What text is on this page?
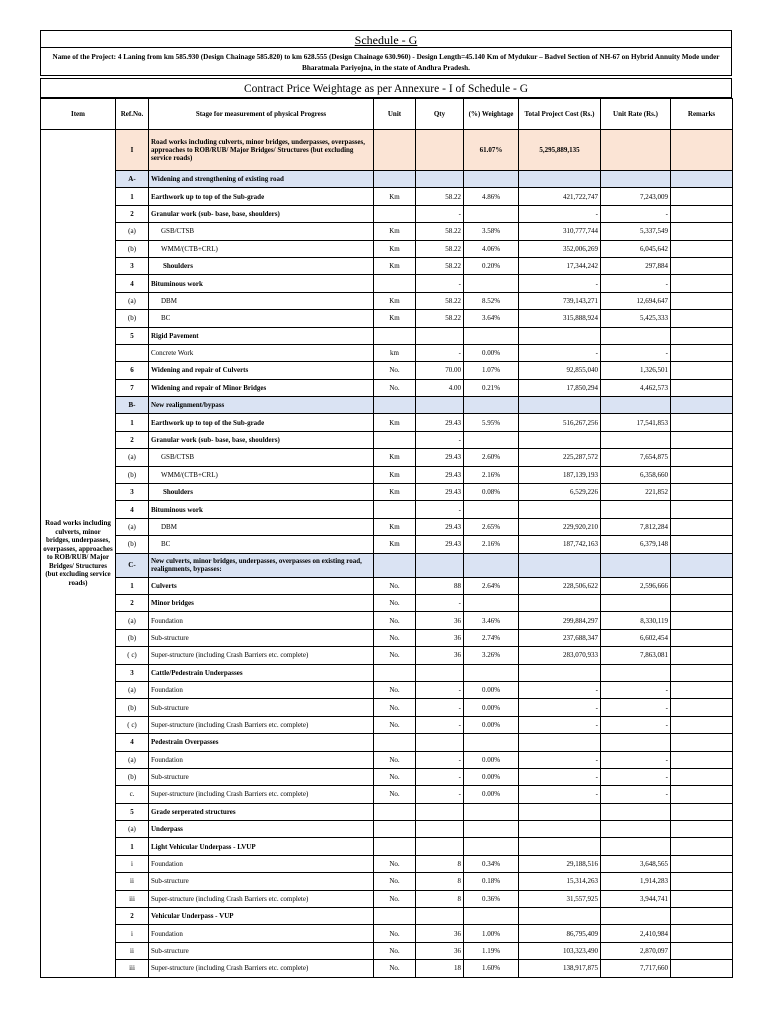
Schedule - G
Name of the Project: 4 Laning from km 585.930 (Design Chainage 585.820) to km 628.555 (Design Chainage 630.960) - Design Length=45.140 Km of Mydukur – Badvel Section of NH-67 on Hybrid Annuity Mode under Bharatmala Pariyojna, in the state of Andhra Pradesh.
Contract Price Weightage as per Annexure - I of Schedule - G
Item	Ref.No.	Stage for measurement of physical Progress	Unit	Qty	(%) Weightage	Total Project Cost (Rs.)	Unit Rate (Rs.)	Remarks
Road works including culverts, minor bridges, underpasses, overpasses, approaches to ROB/RUB/ Major Bridges/ Structures (but excluding service roads)	I	Road works including culverts, minor bridges, underpasses, overpasses, approaches to ROB/RUB/ Major Bridges/ Structures (but excluding service roads)			61.07%	5,295,889,135		
	A-	Widening and strengthening of existing road						
	1	Earthwork up to top of the Sub-grade	Km	58.22	4.86%	421,722,747	7,243,009	
	2	Granular work (sub- base, base, shoulders)		-		-	-	
	(a)	GSB/CTSB	Km	58.22	3.58%	310,777,744	5,337,549	
	(b)	WMM/(CTB+CRL)	Km	58.22	4.06%	352,006,269	6,045,642	
	3	Shoulders	Km	58.22	0.20%	17,344,242	297,884	
	4	Bituminous work		-		-	-	
	(a)	DBM	Km	58.22	8.52%	739,143,271	12,694,647	
	(b)	BC	Km	58.22	3.64%	315,888,924	5,425,333	
	5	Rigid Pavement						
		Concrete Work	km	-	0.00%	-	-	
	6	Widening and repair of Culverts	No.	70.00	1.07%	92,855,040	1,326,501	
	7	Widening and repair of Minor Bridges	No.	4.00	0.21%	17,850,294	4,462,573	
	B-	New realignment/bypass						
	1	Earthwork up to top of the Sub-grade	Km	29.43	5.95%	516,267,256	17,541,853	
	2	Granular work (sub- base, base, shoulders)		-				
	(a)	GSB/CTSB	Km	29.43	2.60%	225,287,572	7,654,875	
	(b)	WMM/(CTB+CRL)	Km	29.43	2.16%	187,139,193	6,358,660	
	3	Shoulders	Km	29.43	0.08%	6,529,226	221,852	
	4	Bituminous work		-				
	(a)	DBM	Km	29.43	2.65%	229,920,210	7,812,284	
	(b)	BC	Km	29.43	2.16%	187,742,163	6,379,148	
	C-	New culverts, minor bridges, underpasses, overpasses on existing road, realignments, bypasses:						
	1	Culverts	No.	88	2.64%	228,506,622	2,596,666	
	2	Minor bridges	No.	-				
	(a)	Foundation	No.	36	3.46%	299,884,297	8,330,119	
	(b)	Sub-structure	No.	36	2.74%	237,688,347	6,602,454	
	( c)	Super-structure (including Crash Barriers etc. complete)	No.	36	3.26%	283,070,933	7,863,081	
	3	Cattle/Pedestrain Underpasses						
	(a)	Foundation	No.	-	0.00%	-	-	
	(b)	Sub-structure	No.	-	0.00%	-	-	
	( c)	Super-structure (including Crash Barriers etc. complete)	No.	-	0.00%	-	-	
	4	Pedestrain Overpasses						
	(a)	Foundation	No.	-	0.00%	-	-	
	(b)	Sub-structure	No.	-	0.00%	-	-	
	c.	Super-structure (including Crash Barriers etc. complete)	No.	-	0.00%	-	-	
	5	Grade serperated structures						
	(a)	Underpass						
	1	Light Vehicular Underpass - LVUP						
	i	Foundation	No.	8	0.34%	29,188,516	3,648,565	
	ii	Sub-structure	No.	8	0.18%	15,314,263	1,914,283	
	iii	Super-structure (including Crash Barriers etc. complete)	No.	8	0.36%	31,557,925	3,944,741	
	2	Vehicular Underpass - VUP						
	i	Foundation	No.	36	1.00%	86,795,409	2,410,984	
	ii	Sub-structure	No.	36	1.19%	103,323,490	2,870,097	
	iii	Super-structure (including Crash Barriers etc. complete)	No.	18	1.60%	138,917,875	7,717,660	
